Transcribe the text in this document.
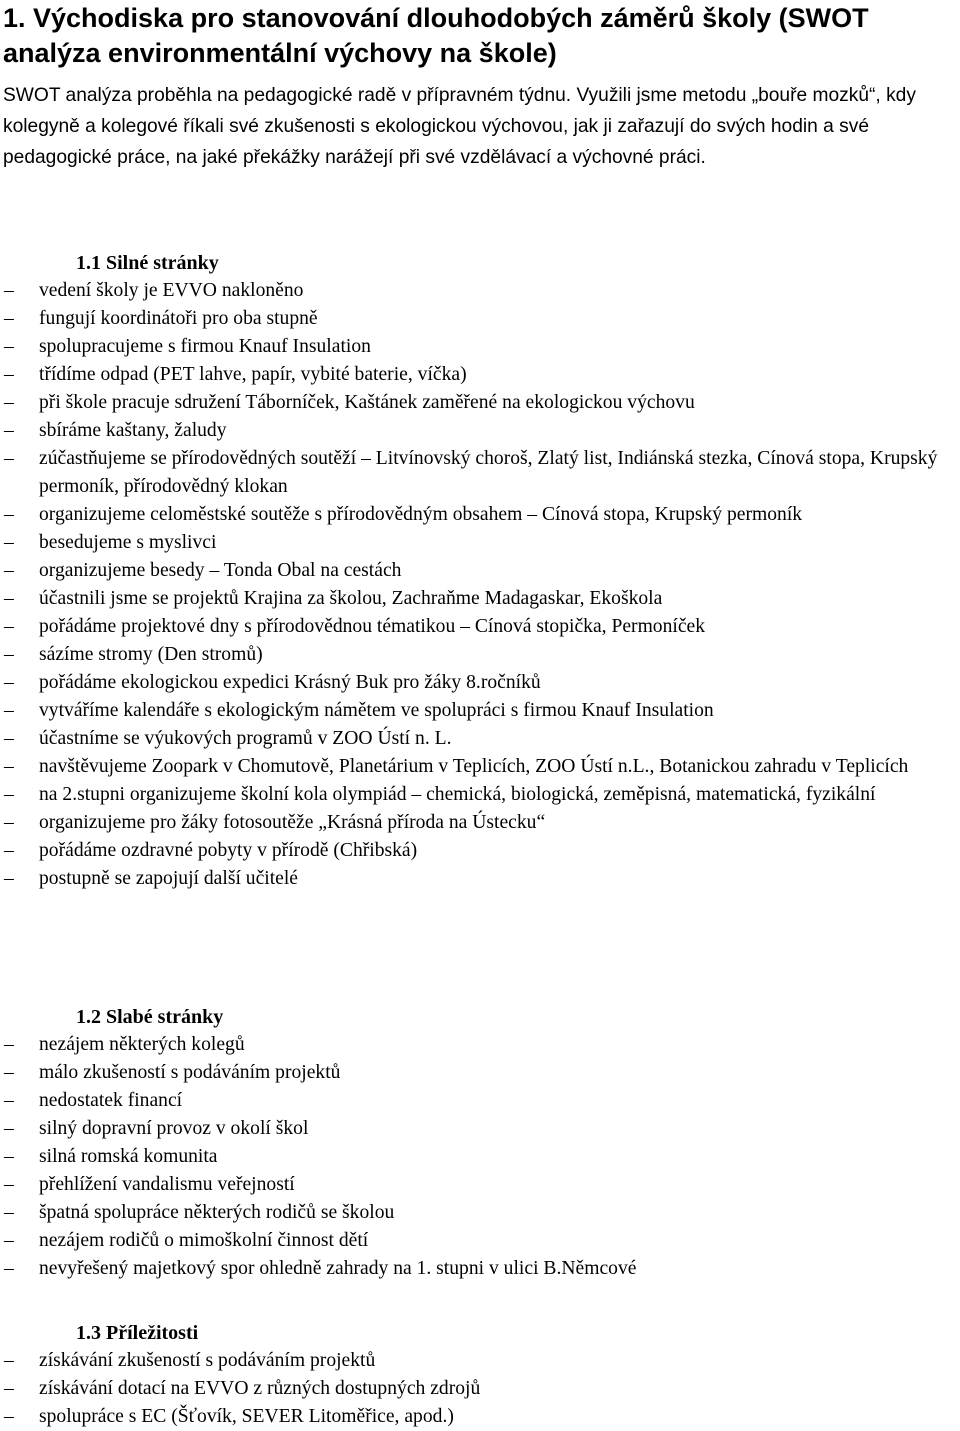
1. Východiska pro stanovování dlouhodobých záměrů školy (SWOT analýza environmentální výchovy na škole)

SWOT analýza proběhla na pedagogické radě v přípravném týdnu. Využili jsme metodu „bouře mozků“, kdy kolegyně a kolegové říkali své zkušenosti s ekologickou výchovou, jak ji zařazují do svých hodin a své pedagogické práce, na jaké překážky narážejí při své vzdělávací a výchovné práci.

1.1 Silné stránky
– vedení školy je EVVO nakloněno
– fungují koordinátoři pro oba stupně
– spolupracujeme s firmou Knauf Insulation
– třídíme odpad (PET lahve, papír, vybité baterie, víčka)
– při škole pracuje sdružení Táborníček, Kaštánek zaměřené na ekologickou výchovu
– sbíráme kaštany, žaludy
– zúčastňujeme se přírodovědných soutěží – Litvínovský choroš, Zlatý list, Indiánská stezka, Cínová stopa, Krupský permoník, přírodovědný klokan
– organizujeme celoměstské soutěže s přírodovědným obsahem – Cínová stopa, Krupský permoník
– besedujeme s myslivci
– organizujeme besedy – Tonda Obal na cestách
– účastnili jsme se projektů Krajina za školou, Zachraňme Madagaskar, Ekoškola
– pořádáme projektové dny s přírodovědnou tématikou – Cínová stopička, Permoníček
– sázíme stromy (Den stromů)
– pořádáme ekologickou expedici Krásný Buk pro žáky 8.ročníků
– vytváříme kalendáře s ekologickým námětem ve spolupráci s firmou Knauf Insulation
– účastníme se výukových programů v ZOO Ústí n. L.
– navštěvujeme Zoopark v Chomutově, Planetárium v Teplicích, ZOO Ústí n.L., Botanickou zahradu v Teplicích
– na 2.stupni organizujeme školní kola olympiád – chemická, biologická, zeměpisná, matematická, fyzikální
– organizujeme pro žáky fotosoutěže „Krásná příroda na Ústecku“
– pořádáme ozdravné pobyty v přírodě (Chřibská)
– postupně se zapojují další učitelé
1.2 Slabé stránky
– nezájem některých kolegů
– málo zkušeností s podáváním projektů
– nedostatek financí
– silný dopravní provoz v okolí škol
– silná romská komunita
– přehlížení vandalismu veřejností
– špatná spolupráce některých rodičů se školou
– nezájem rodičů o mimoškolní činnost dětí
– nevyřešený majetkový spor ohledně zahrady na 1. stupni v ulici B.Němcové
1.3 Příležitosti
– získávání zkušeností s podáváním projektů
– získávání dotací na EVVO z různých dostupných zdrojů
– spolupráce s EC (Šťovík, SEVER Litoměřice, apod.)
